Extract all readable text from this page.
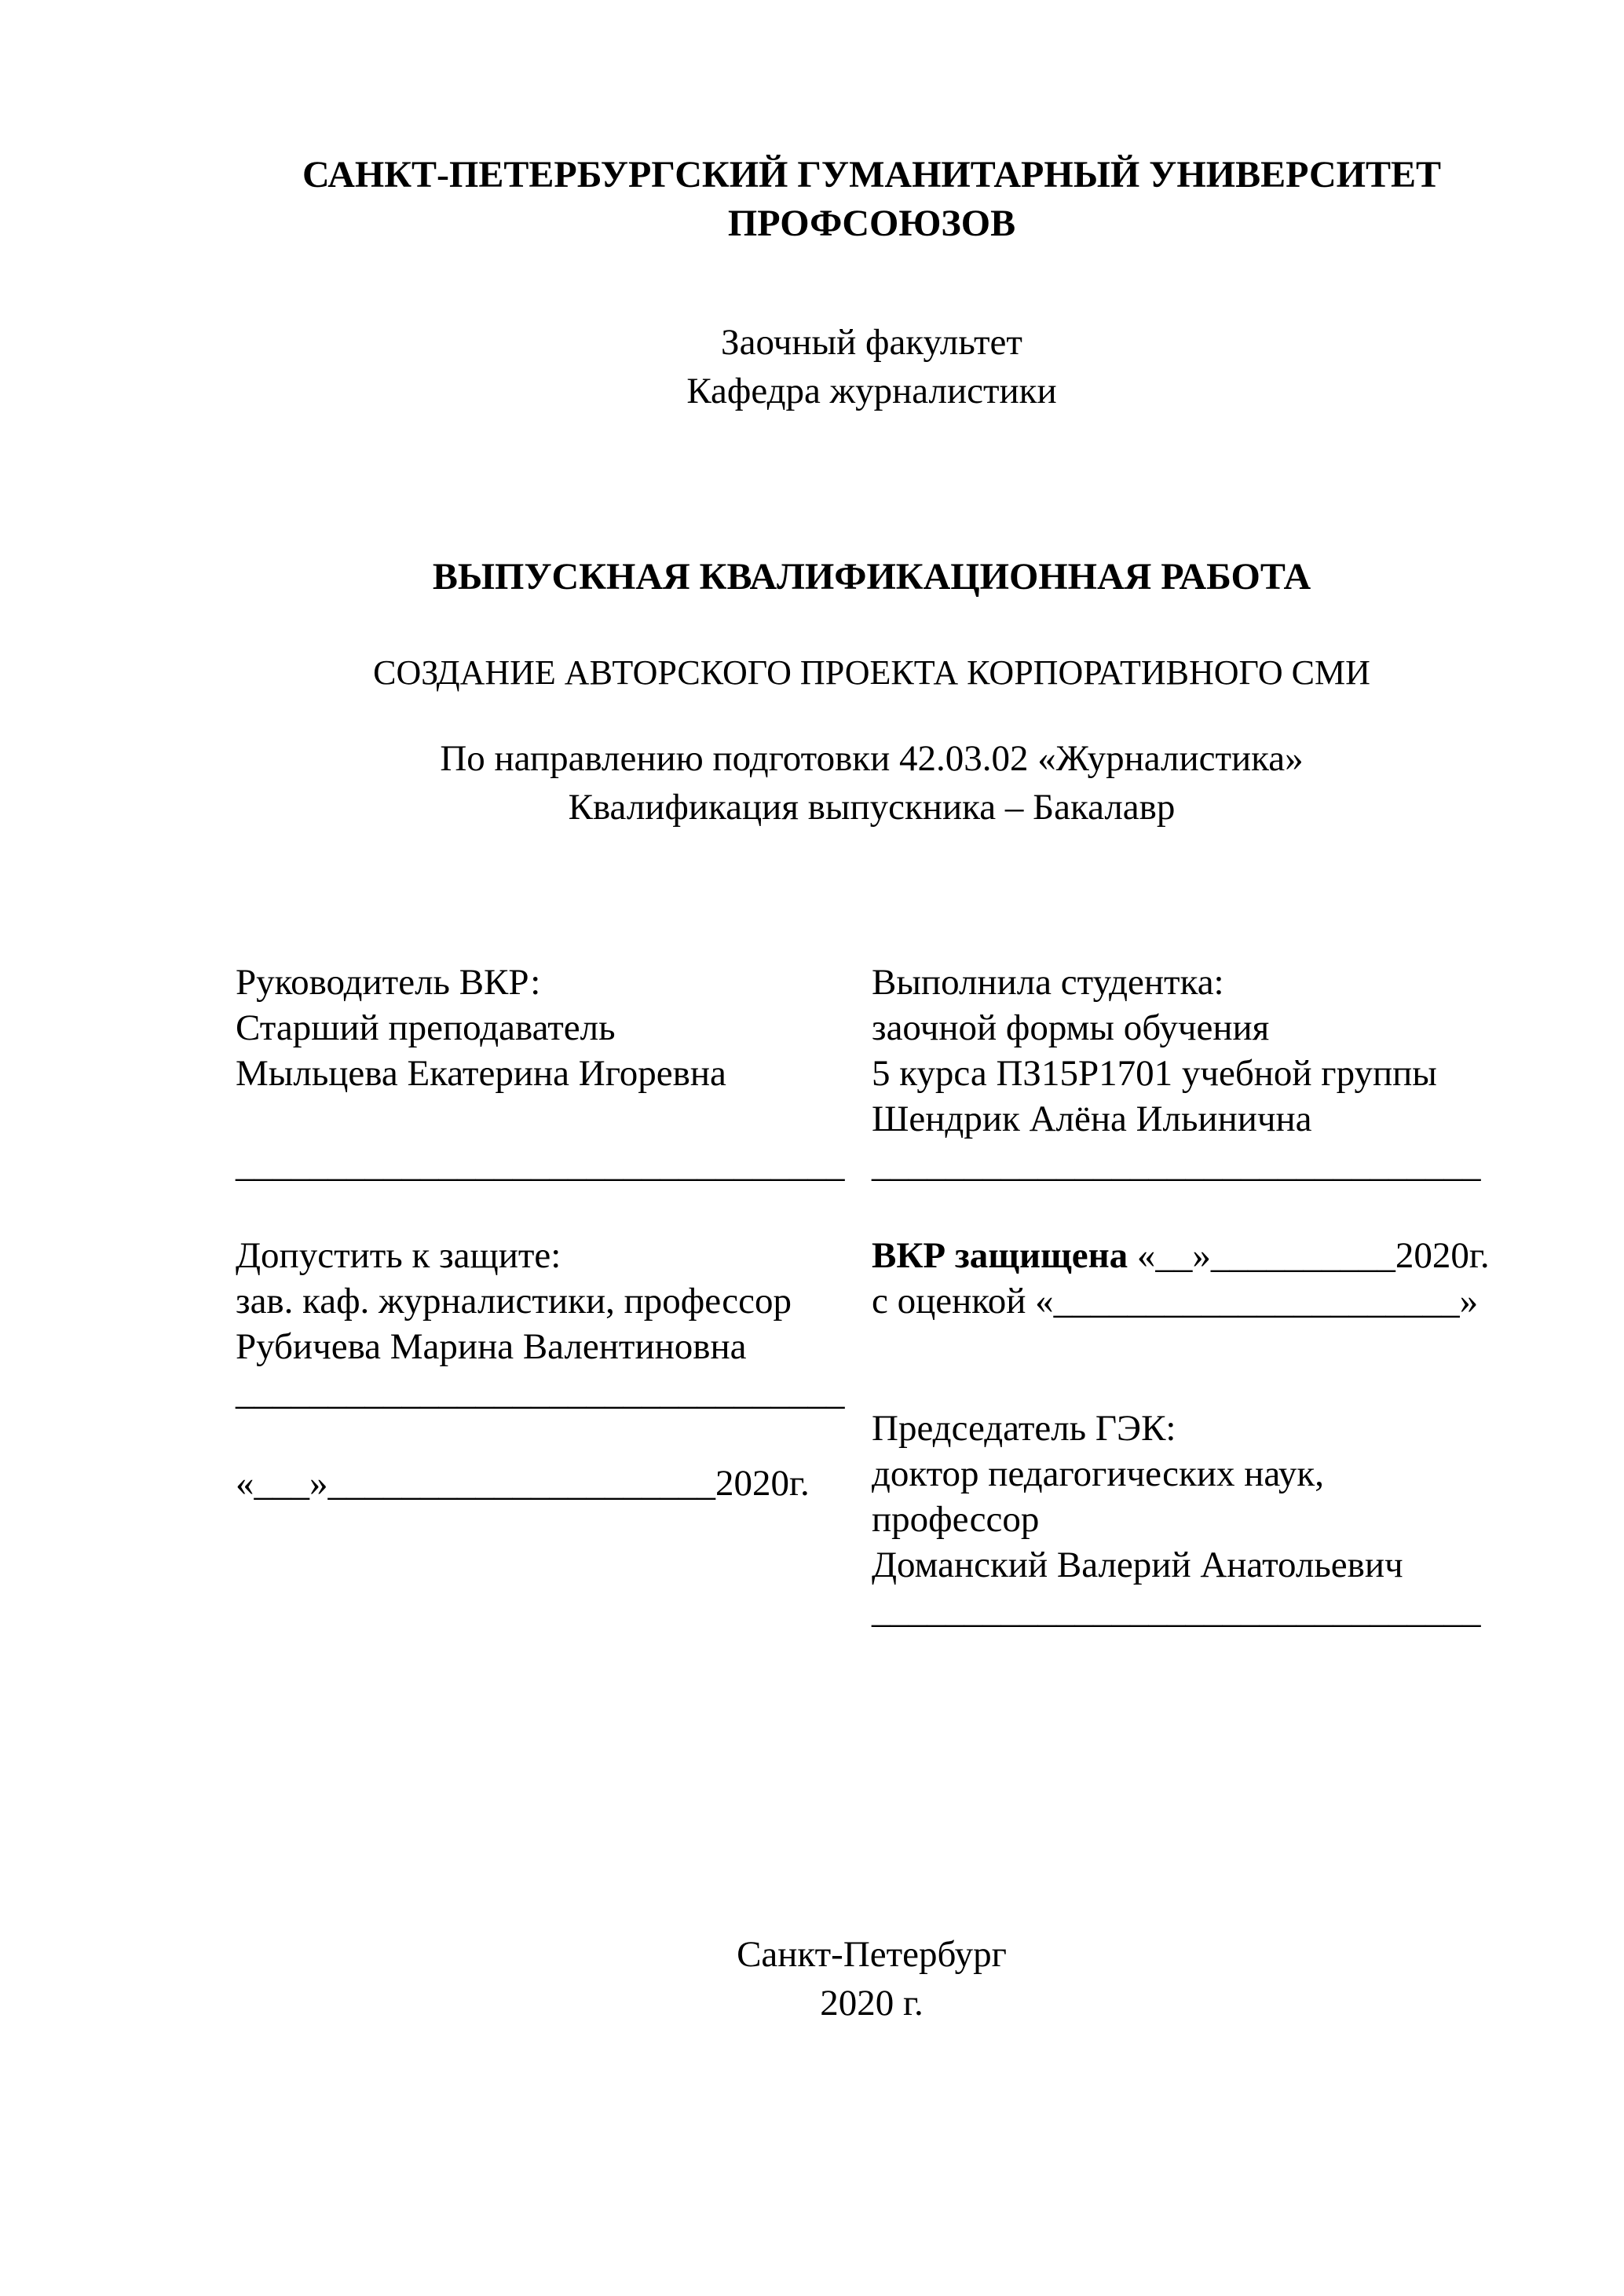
САНКТ-ПЕТЕРБУРГСКИЙ ГУМАНИТАРНЫЙ УНИВЕРСИТЕТ
ПРОФСОЮЗОВ
Заочный факультет
Кафедра журналистики
ВЫПУСКНАЯ КВАЛИФИКАЦИОННАЯ РАБОТА
СОЗДАНИЕ АВТОРСКОГО ПРОЕКТА КОРПОРАТИВНОГО СМИ
По направлению подготовки 42.03.02 «Журналистика»
Квалификация выпускника – Бакалавр
Руководитель ВКР:
Старший преподаватель
Мыльцева Екатерина Игоревна
_________________________________
Допустить к защите:
зав. каф. журналистики, профессор
Рубичева Марина Валентиновна
_________________________________
«___»_____________________2020г.
Выполнила студентка:
заочной формы обучения
5 курса ПЗ15Р1701 учебной группы
Шендрик Алёна Ильинична
_________________________________
ВКР защищена «__»__________2020г.
с оценкой «______________________»
Председатель ГЭК:
доктор педагогических наук,
профессор
Доманский Валерий Анатольевич
_________________________________
Санкт-Петербург
2020 г.
